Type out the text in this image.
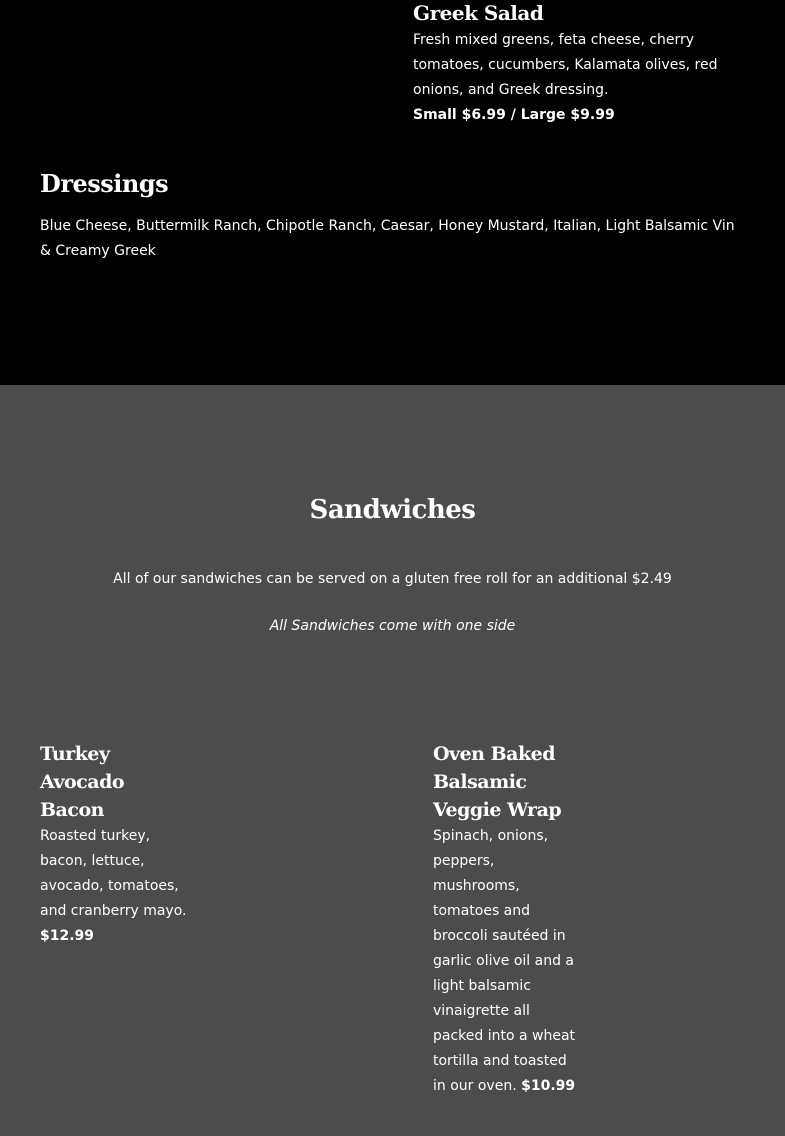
Greek Salad
Fresh mixed greens, feta cheese, cherry tomatoes, cucumbers, Kalamata olives, red onions, and Greek dressing.
Small $6.99 / Large $9.99
Dressings
Blue Cheese, Buttermilk Ranch, Chipotle Ranch, Caesar, Honey Mustard, Italian, Light Balsamic Vin & Creamy Greek
Sandwiches
All of our sandwiches can be served on a gluten free roll for an additional $2.49
All Sandwiches come with one side
Turkey
Avocado Bacon
Roasted turkey, bacon, lettuce, avocado, tomatoes, and cranberry mayo.
$12.99
Oven Baked
Balsamic
Veggie Wrap
Spinach, onions, peppers, mushrooms, tomatoes and broccoli sautéed in garlic olive oil and a light balsamic vinaigrette all packed into a wheat tortilla and toasted in our oven. $10.99
